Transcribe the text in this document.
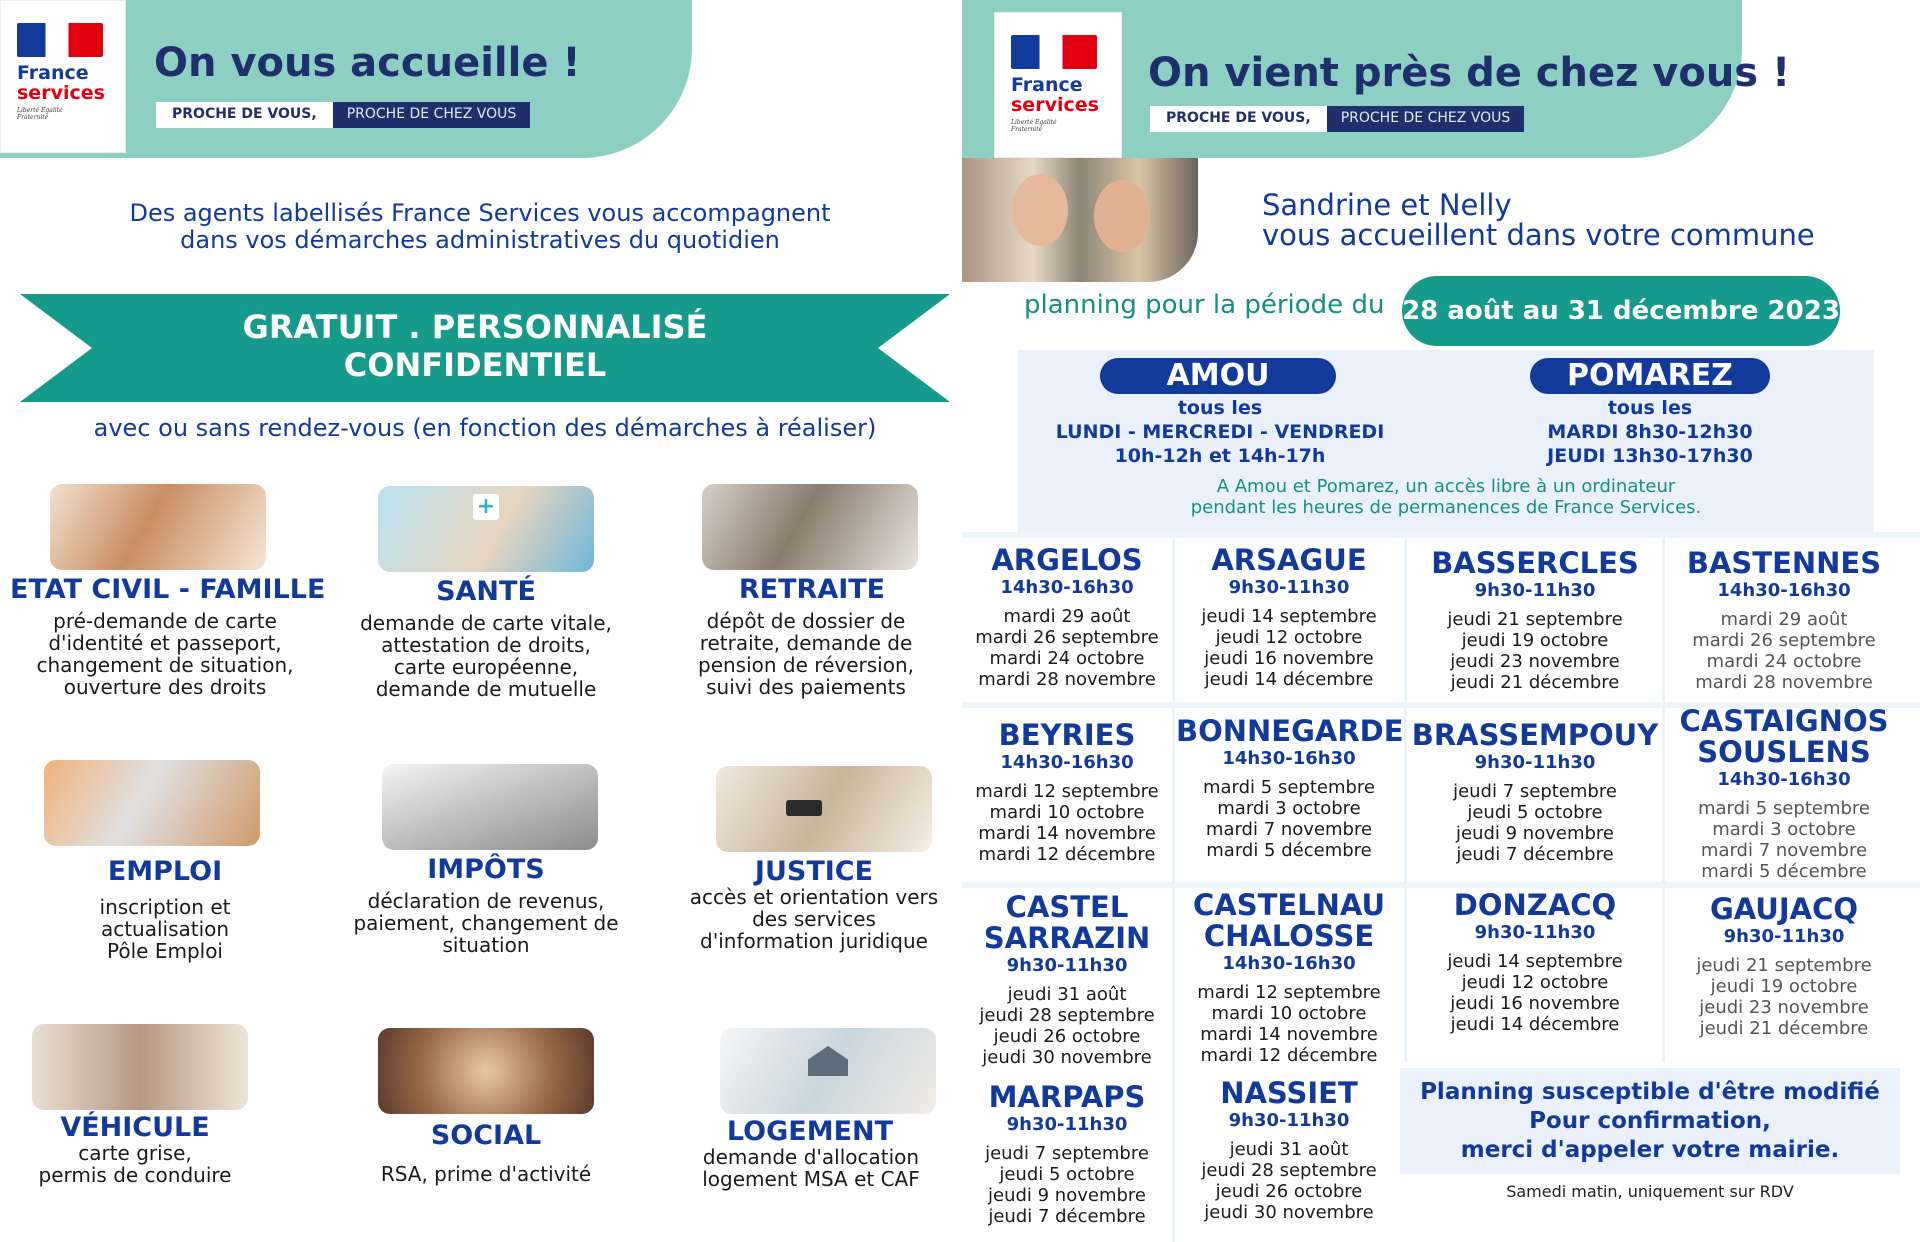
France
services
Liberté Égalité Fraternité
On vous accueille !
PROCHE DE VOUS,	PROCHE DE CHEZ VOUS
Des agents labellisés France Services vous accompagnent
dans vos démarches administratives du quotidien
GRATUIT . PERSONNALISÉ
CONFIDENTIEL
avec ou sans rendez-vous (en fonction des démarches à réaliser)
+
ETAT CIVIL - FAMILLE
pré-demande de carte
d'identité et passeport,
changement de situation,
ouverture des droits
SANTÉ
demande de carte vitale,
attestation de droits,
carte européenne,
demande de mutuelle
RETRAITE
dépôt de dossier de
retraite, demande de
pension de réversion,
suivi des paiements
EMPLOI
inscription et
actualisation
Pôle Emploi
IMPÔTS
déclaration de revenus,
paiement, changement de
situation
JUSTICE
accès et orientation vers
des services
d'information juridique
VÉHICULE
carte grise,
permis de conduire
SOCIAL
RSA, prime d'activité
LOGEMENT
demande d'allocation
logement MSA et CAF
France
services
Liberté Égalité Fraternité
On vient près de chez vous !
PROCHE DE VOUS,	PROCHE DE CHEZ VOUS
Sandrine et Nelly
vous accueillent dans votre commune
planning pour la période du 28 août au 31 décembre 2023
AMOU
tous les
LUNDI - MERCREDI - VENDREDI
10h-12h et 14h-17h
POMAREZ
tous les
MARDI 8h30-12h30
JEUDI 13h30-17h30
A Amou et Pomarez, un accès libre à un ordinateur
pendant les heures de permanences de France Services.
ARGELOS
14h30-16h30
mardi 29 août
mardi 26 septembre
mardi 24 octobre
mardi 28 novembre
ARSAGUE
9h30-11h30
jeudi 14 septembre
jeudi 12 octobre
jeudi 16 novembre
jeudi 14 décembre
BASSERCLES
9h30-11h30
jeudi 21 septembre
jeudi 19 octobre
jeudi 23 novembre
jeudi 21 décembre
BASTENNES
14h30-16h30
mardi 29 août
mardi 26 septembre
mardi 24 octobre
mardi 28 novembre
BEYRIES
14h30-16h30
mardi 12 septembre
mardi 10 octobre
mardi 14 novembre
mardi 12 décembre
BONNEGARDE
14h30-16h30
mardi 5 septembre
mardi 3 octobre
mardi 7 novembre
mardi 5 décembre
BRASSEMPOUY
9h30-11h30
jeudi 7 septembre
jeudi 5 octobre
jeudi 9 novembre
jeudi 7 décembre
CASTAIGNOS
SOUSLENS
14h30-16h30
mardi 5 septembre
mardi 3 octobre
mardi 7 novembre
mardi 5 décembre
CASTEL
SARRAZIN
9h30-11h30
jeudi 31 août
jeudi 28 septembre
jeudi 26 octobre
jeudi 30 novembre
CASTELNAU
CHALOSSE
14h30-16h30
mardi 12 septembre
mardi 10 octobre
mardi 14 novembre
mardi 12 décembre
DONZACQ
9h30-11h30
jeudi 14 septembre
jeudi 12 octobre
jeudi 16 novembre
jeudi 14 décembre
GAUJACQ
9h30-11h30
jeudi 21 septembre
jeudi 19 octobre
jeudi 23 novembre
jeudi 21 décembre
MARPAPS
9h30-11h30
jeudi 7 septembre
jeudi 5 octobre
jeudi 9 novembre
jeudi 7 décembre
NASSIET
9h30-11h30
jeudi 31 août
jeudi 28 septembre
jeudi 26 octobre
jeudi 30 novembre
Planning susceptible d'être modifié
Pour confirmation,
merci d'appeler votre mairie.
Samedi matin, uniquement sur RDV
